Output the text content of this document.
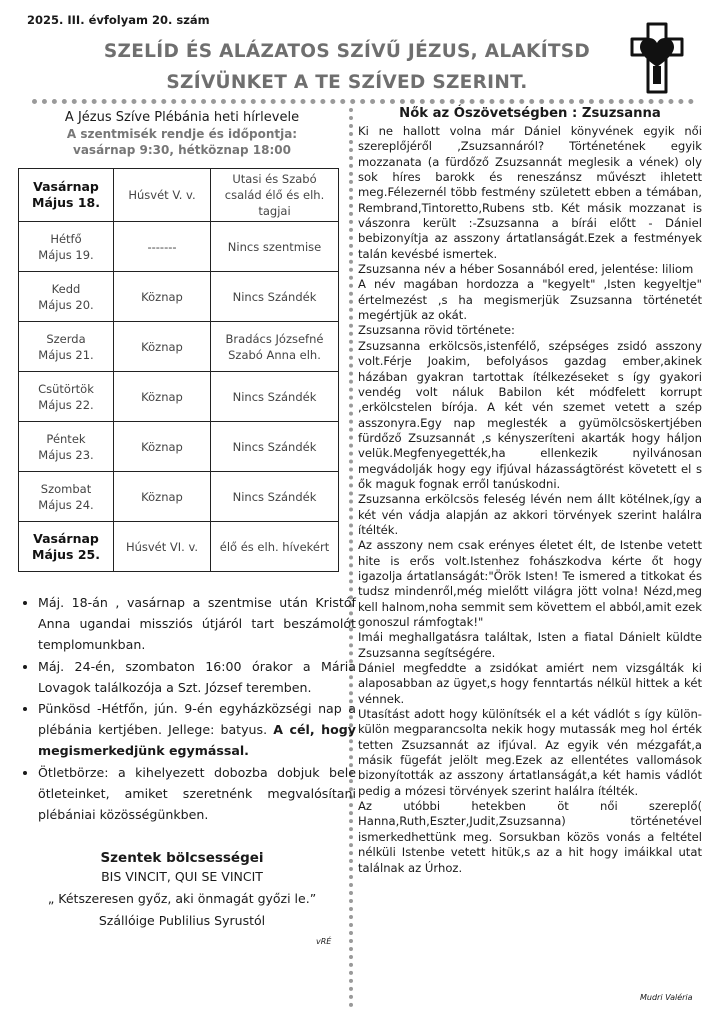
2025. III. évfolyam 20. szám
SZELÍD ÉS ALÁZATOS SZÍVŰ JÉZUS, ALAKÍTSD
SZÍVÜNKET A TE SZÍVED SZERINT.
A Jézus Szíve Plébánia heti hírlevele
A szentmisék rendje és időpontja:
vasárnap 9:30, hétköznap 18:00
Vasárnap
Május 18.	Húsvét V. v.	Utasi és Szabó család élő és elh. tagjai

Hétfő
Május 19.	-------	Nincs szentmise

Kedd
Május 20.	Köznap	Nincs Szándék

Szerda
Május 21.	Köznap	Bradács Józsefné Szabó Anna elh.

Csütörtök
Május 22.	Köznap	Nincs Szándék

Péntek
Május 23.	Köznap	Nincs Szándék

Szombat
Május 24.	Köznap	Nincs Szándék

Vasárnap
Május 25.	Húsvét VI. v.	élő és elh. hívekért
• Máj. 18-án , vasárnap a szentmise után Kristóf Anna ugandai missziós útjáról tart beszámolót templomunkban.
• Máj. 24-én, szombaton 16:00 órakor a Mária Lovagok találkozója a Szt. József teremben.
• Pünkösd -Hétfőn, jún. 9-én egyházközségi nap a plébánia kertjében. Jellege: batyus. A cél, hogy megismerkedjünk egymással.
• Ötletbörze: a kihelyezett dobozba dobjuk bele ötleteinket, amiket szeretnénk megvalósítani plébániai közösségünkben.
Szentek bölcsességei
BIS VINCIT, QUI SE VINCIT
„ Kétszeresen győz, aki önmagát győzi le.”
Szállóige Publilius Syrustól
vRÉ
Nők az Ószövetségben : Zsuzsanna

Ki ne hallott volna már Dániel könyvének egyik női szereplőjéről ‚Zsuzsannáról? Történetének egyik mozzanata (a fürdőző Zsuzsannát meglesik a vének) oly sok híres barokk és reneszánsz művészt ihletett meg.Félezernél több festmény született ebben a témában, Rembrand,Tintoretto,Rubens stb. Két másik mozzanat is vászonra került :-Zsuzsanna a bírái előtt - Dániel bebizonyítja az asszony ártatlanságát.Ezek a festmények talán kevésbé ismertek.

Zsuzsanna név a héber Sosannából ered, jelentése: liliom

A név magában hordozza a "kegyelt" ,Isten kegyeltje" értelmezést ,s ha megismerjük Zsuzsanna történetét megértjük az okát.

Zsuzsanna rövid története:

Zsuzsanna erkölcsös,istenfélő, szépséges zsidó asszony volt.Férje Joakim, befolyásos gazdag ember,akinek házában gyakran tartottak ítélkezéseket s így gyakori vendég volt náluk Babilon két módfelett korrupt ,erkölcstelen bírója. A két vén szemet vetett a szép asszonyra.Egy nap meglesték a gyümölcsöskertjében fürdőző Zsuzsannát ,s kényszeríteni akarták hogy háljon velük.Megfenyegették,ha ellenkezik nyilvánosan megvádolják hogy egy ifjúval házasságtörést követett el s ők maguk fognak erről tanúskodni.

Zsuzsanna erkölcsös feleség lévén nem állt kötélnek,így a két vén vádja alapján az akkori törvények szerint halálra ítélték.

Az asszony nem csak erényes életet élt, de Istenbe vetett hite is erős volt.Istenhez fohászkodva kérte őt hogy igazolja ártatlanságát:"Örök Isten! Te ismered a titkokat és tudsz mindenről,még mielőtt világra jött volna! Nézd,meg kell halnom,noha semmit sem követtem el abból,amit ezek gonoszul rámfogtak!"

Imái meghallgatásra találtak, Isten a fiatal Dánielt küldte Zsuzsanna segítségére.

Dániel megfeddte a zsidókat amiért nem vizsgálták ki alaposabban az ügyet,s hogy fenntartás nélkül hittek a két vénnek.

Utasítást adott hogy különítsék el a két vádlót s így külön-külön megparancsolta nekik hogy mutassák meg hol érték tetten Zsuzsannát az ifjúval. Az egyik vén mézgafát,a másik fügefát jelölt meg.Ezek az ellentétes vallomások bizonyították az asszony ártatlanságát,a két hamis vádlót pedig a mózesi törvények szerint halálra ítélték.

Az utóbbi hetekben öt női szereplő( Hanna,Ruth,Eszter,Judit,Zsuzsanna) történetével ismerkedhettünk meg. Sorsukban közös vonás a feltétel nélküli Istenbe vetett hitük,s az a hit hogy imáikkal utat találnak az Úrhoz.

Mudri Valéria
